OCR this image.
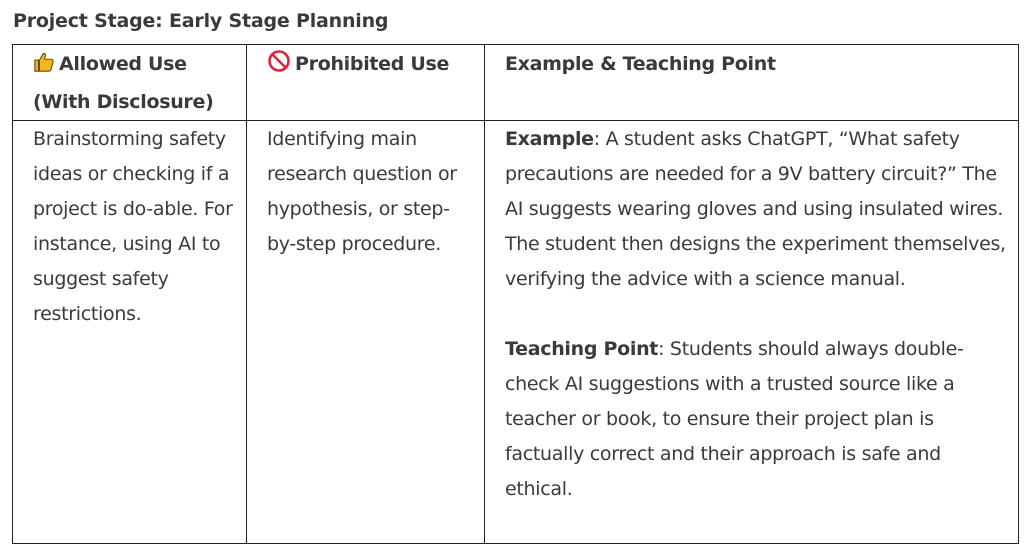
Project Stage: Early Stage Planning
Allowed Use
(With Disclosure)	Prohibited Use	Example & Teaching Point

Brainstorming safety ideas or checking if a project is do-able. For instance, using AI to suggest safety restrictions.	Identifying main research question or hypothesis, or step-by-step procedure.	Example: A student asks ChatGPT, “What safety precautions are needed for a 9V battery circuit?” The AI suggests wearing gloves and using insulated wires. The student then designs the experiment themselves, verifying the advice with a science manual.
Teaching Point: Students should always double-check AI suggestions with a trusted source like a teacher or book, to ensure their project plan is factually correct and their approach is safe and ethical.
